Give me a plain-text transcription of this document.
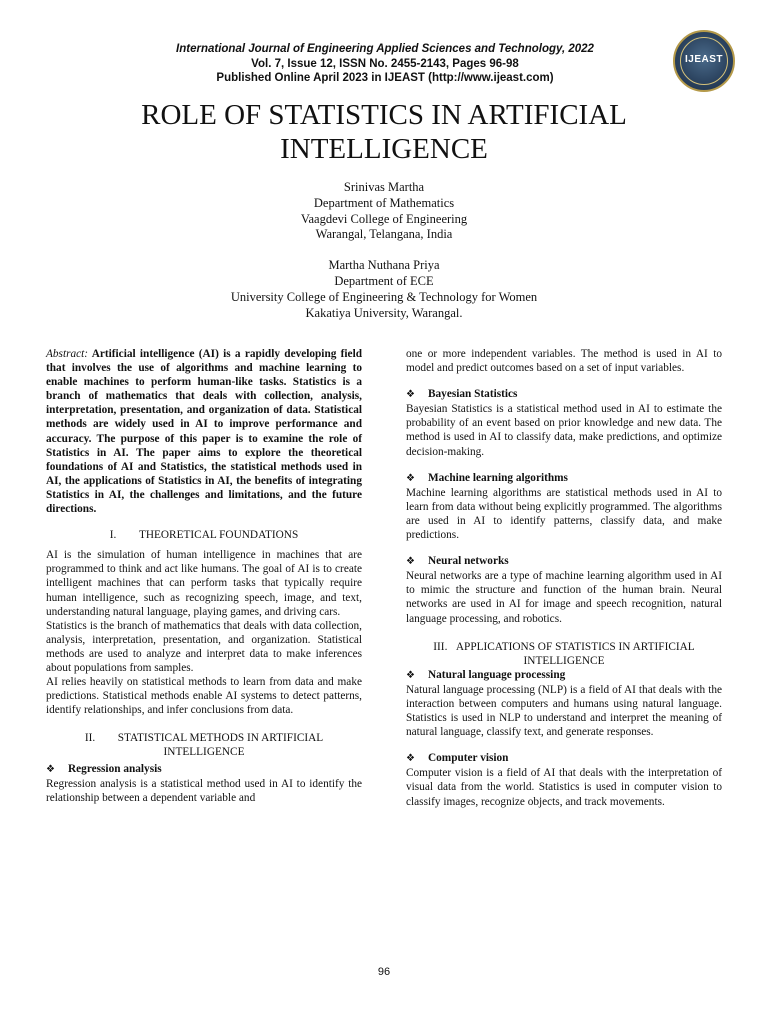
International Journal of Engineering Applied Sciences and Technology, 2022
Vol. 7, Issue 12, ISSN No. 2455-2143, Pages 96-98
Published Online April 2023 in IJEAST (http://www.ijeast.com)
IJEAST
ROLE OF STATISTICS IN ARTIFICIAL
INTELLIGENCE
Srinivas Martha
Department of Mathematics
Vaagdevi College of Engineering
Warangal, Telangana, India
Martha Nuthana Priya
Department of ECE
University College of Engineering & Technology for Women
Kakatiya University, Warangal.

Abstract: Artificial intelligence (AI) is a rapidly developing field that involves the use of algorithms and machine learning to enable machines to perform human-like tasks. Statistics is a branch of mathematics that deals with collection, analysis, interpretation, presentation, and organization of data. Statistical methods are widely used in AI to improve performance and accuracy. The purpose of this paper is to examine the role of Statistics in AI. The paper aims to explore the theoretical foundations of AI and Statistics, the statistical methods used in AI, the applications of Statistics in AI, the benefits of integrating Statistics in AI, the challenges and limitations, and the future directions.

I. THEORETICAL FOUNDATIONS

AI is the simulation of human intelligence in machines that are programmed to think and act like humans. The goal of AI is to create intelligent machines that can perform tasks that typically require human intelligence, such as recognizing speech, image, and text, understanding natural language, playing games, and driving cars.

Statistics is the branch of mathematics that deals with data collection, analysis, interpretation, presentation, and organization. Statistical methods are used to analyze and interpret data to make inferences about populations from samples.

AI relies heavily on statistical methods to learn from data and make predictions. Statistical methods enable AI systems to detect patterns, identify relationships, and infer conclusions from data.

II. STATISTICAL METHODS IN ARTIFICIAL
INTELLIGENCE

❖ Regression analysis

Regression analysis is a statistical method used in AI to identify the relationship between a dependent variable and

one or more independent variables. The method is used in AI to model and predict outcomes based on a set of input variables.

❖ Bayesian Statistics

Bayesian Statistics is a statistical method used in AI to estimate the probability of an event based on prior knowledge and new data. The method is used in AI to classify data, make predictions, and optimize decision-making.

❖ Machine learning algorithms

Machine learning algorithms are statistical methods used in AI to learn from data without being explicitly programmed. The algorithms are used in AI to identify patterns, classify data, and make predictions.

❖ Neural networks

Neural networks are a type of machine learning algorithm used in AI to mimic the structure and function of the human brain. Neural networks are used in AI for image and speech recognition, natural language processing, and robotics.

III. APPLICATIONS OF STATISTICS IN ARTIFICIAL
INTELLIGENCE

❖ Natural language processing

Natural language processing (NLP) is a field of AI that deals with the interaction between computers and humans using natural language. Statistics is used in NLP to understand and interpret the meaning of natural language, classify text, and generate responses.

❖ Computer vision

Computer vision is a field of AI that deals with the interpretation of visual data from the world. Statistics is used in computer vision to classify images, recognize objects, and track movements.

96
